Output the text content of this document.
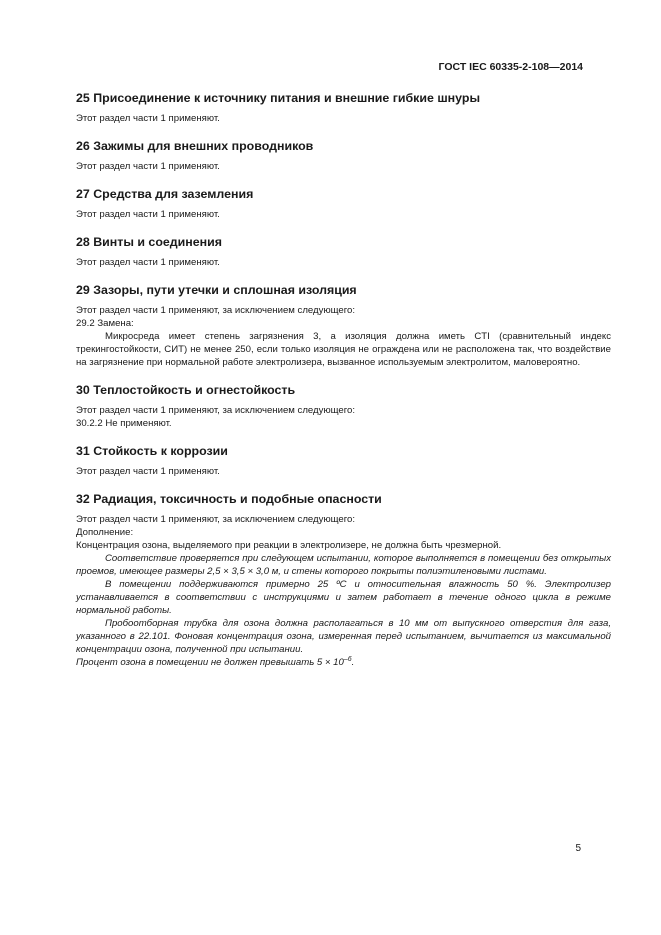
ГОСТ IEC 60335-2-108—2014
25 Присоединение к источнику питания и внешние гибкие шнуры

Этот раздел части 1 применяют.

26 Зажимы для внешних проводников

Этот раздел части 1 применяют.

27 Средства для заземления

Этот раздел части 1 применяют.

28 Винты и соединения

Этот раздел части 1 применяют.

29 Зазоры, пути утечки и сплошная изоляция

Этот раздел части 1 применяют, за исключением следующего:

29.2 Замена:

Микросреда имеет степень загрязнения 3, а изоляция должна иметь CTI (сравнительный индекс трекингостойкости, СИТ) не менее 250, если только изоляция не ограждена или не расположена так, что воздействие на загрязнение при нормальной работе электролизера, вызванное используемым электролитом, маловероятно.

30 Теплостойкость и огнестойкость

Этот раздел части 1 применяют, за исключением следующего:

30.2.2 Не применяют.

31 Стойкость к коррозии

Этот раздел части 1 применяют.

32 Радиация, токсичность и подобные опасности

Этот раздел части 1 применяют, за исключением следующего:

Дополнение:

Концентрация озона, выделяемого при реакции в электролизере, не должна быть чрезмерной.

Соответствие проверяется при следующем испытании, которое выполняется в помещении без открытых проемов, имеющее размеры 2,5 × 3,5 × 3,0 м, и стены которого покрыты полиэтиленовыми листами.

В помещении поддерживаются примерно 25 ºС и относительная влажность 50 %. Электролизер устанавливается в соответствии с инструкциями и затем работает в течение одного цикла в режиме нормальной работы.

Пробоотборная трубка для озона должна располагаться в 10 мм от выпускного отверстия для газа, указанного в 22.101. Фоновая концентрация озона, измеренная перед испытанием, вычитается из максимальной концентрации озона, полученной при испытании.

Процент озона в помещении не должен превышать $5 \times 10^{-6}$.

5
